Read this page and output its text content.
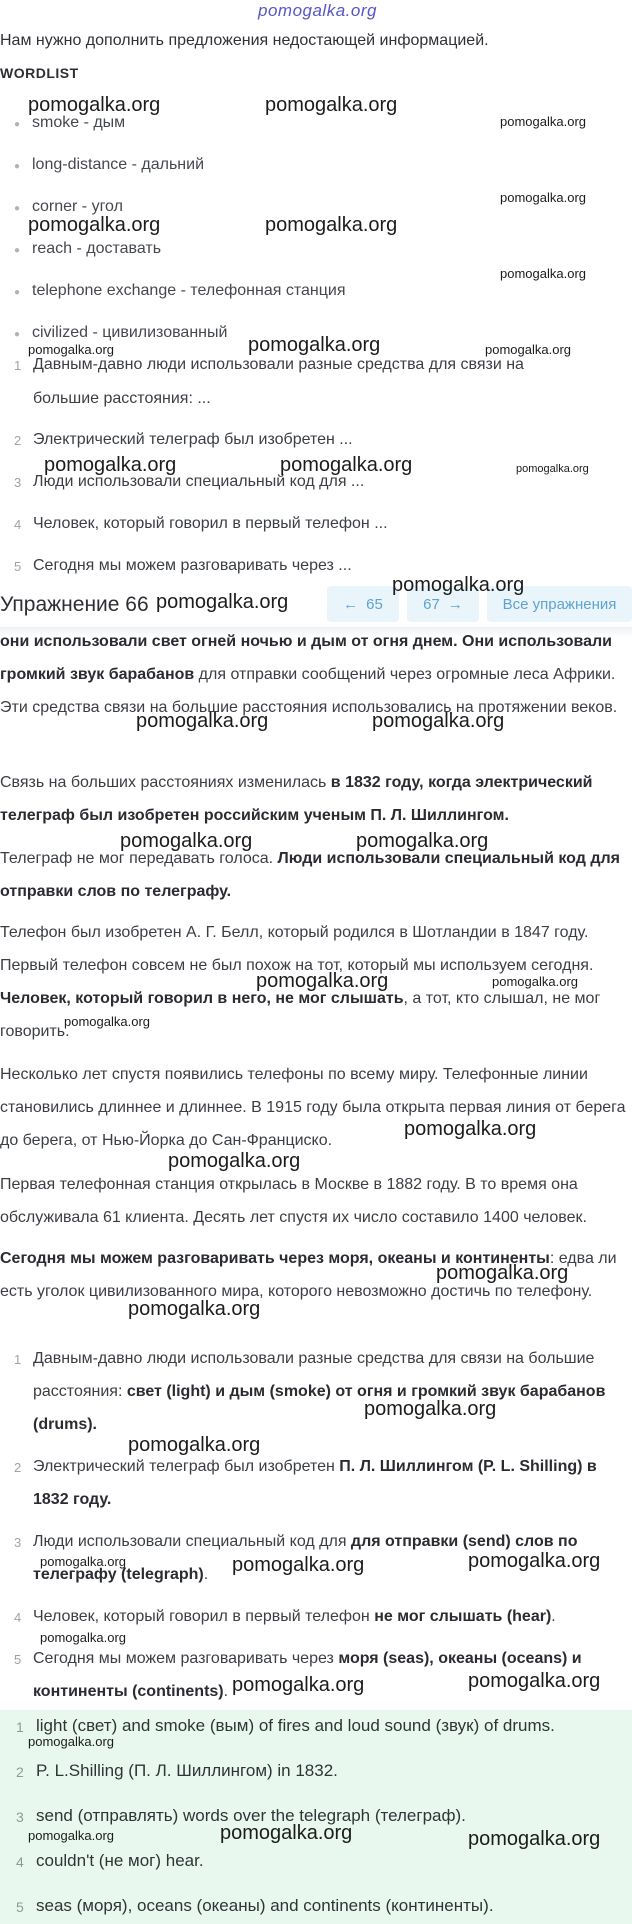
pomogalka.org
Нам нужно дополнить предложения недостающей информацией.
WORDLIST
● smoke - дым
● long-distance - дальний
● corner - угол
● reach - доставать
● telephone exchange - телефонная станция
● civilized - цивилизованный
1 Давным-давно люди использовали разные средства для связи на
большие расстояния: ...
2 Электрический телеграф был изобретен ...
3 Люди использовали специальный код для ...
4 Человек, который говорил в первый телефон ...
5 Сегодня мы можем разговаривать через ...
Упражнение 66	← 65	67 →	Все упражнения
они использовали свет огней ночью и дым от огня днем. Они использовали громкий звук барабанов для отправки сообщений через огромные леса Африки. Эти средства связи на большие расстояния использовались на протяжении веков.
Связь на больших расстояниях изменилась в 1832 году, когда электрический телеграф был изобретен российским ученым П. Л. Шиллингом.
Телеграф не мог передавать голоса. Люди использовали специальный код для отправки слов по телеграфу.
Телефон был изобретен А. Г. Белл, который родился в Шотландии в 1847 году. Первый телефон совсем не был похож на тот, который мы используем сегодня. Человек, который говорил в него, не мог слышать, а тот, кто слышал, не мог говорить.
Несколько лет спустя появились телефоны по всему миру. Телефонные линии становились длиннее и длиннее. В 1915 году была открыта первая линия от берега до берега, от Нью-Йорка до Сан-Франциско.
Первая телефонная станция открылась в Москве в 1882 году. В то время она обслуживала 61 клиента. Десять лет спустя их число составило 1400 человек.
Сегодня мы можем разговаривать через моря, океаны и континенты: едва ли есть уголок цивилизованного мира, которого невозможно достичь по телефону.
1 Давным-давно люди использовали разные средства для связи на большие расстояния: свет (light) и дым (smoke) от огня и громкий звук барабанов (drums).
2 Электрический телеграф был изобретен П. Л. Шиллингом (P. L. Shilling) в 1832 году.
3 Люди использовали специальный код для для отправки (send) слов по телеграфу (telegraph).
4 Человек, который говорил в первый телефон не мог слышать (hear).
5 Сегодня мы можем разговаривать через моря (seas), океаны (oceans) и континенты (continents).
1 light (свет) and smoke (вым) of fires and loud sound (звук) of drums.
2 P. L.Shilling (П. Л. Шиллингом) in 1832.
3 send (отправлять) words over the telegraph (телеграф).
4 couldn't (не мог) hear.
5 seas (моря), oceans (океаны) and continents (континенты).
pomogalka.org	pomogalka.org
pomogalka.org
pomogalka.org
pomogalka.org	pomogalka.org
pomogalka.org
pomogalka.org
pomogalka.org	pomogalka.org
pomogalka.org	pomogalka.org	pomogalka.org
pomogalka.org
pomogalka.org
pomogalka.org	pomogalka.org
pomogalka.org	pomogalka.org
pomogalka.org	pomogalka.org
pomogalka.org
pomogalka.org
pomogalka.org
pomogalka.org
pomogalka.org
pomogalka.org
pomogalka.org
pomogalka.org	pomogalka.org	pomogalka.org
pomogalka.org
pomogalka.org	pomogalka.org
pomogalka.org
pomogalka.org	pomogalka.org	pomogalka.org
